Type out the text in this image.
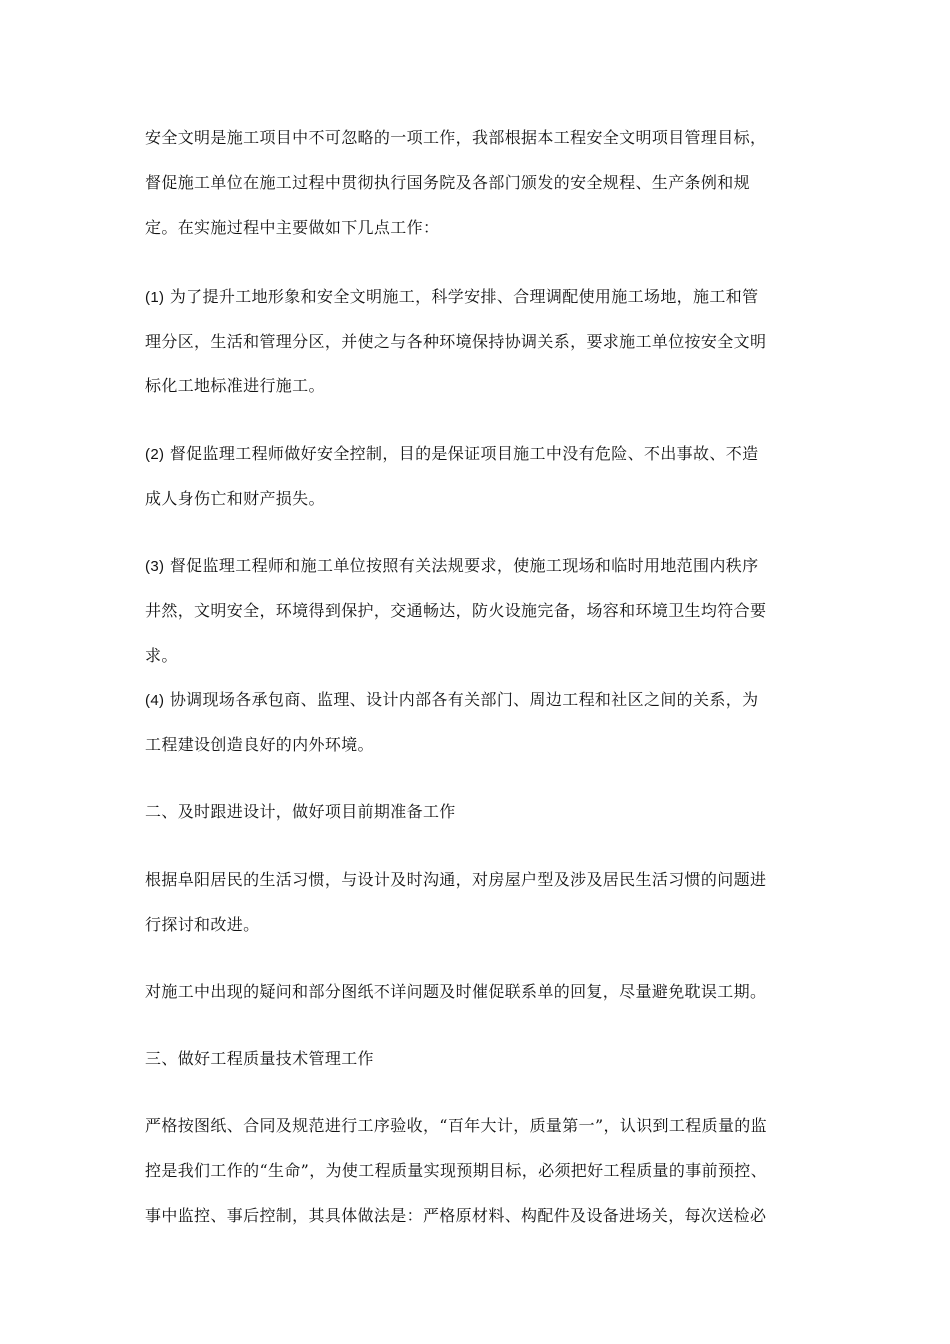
安全文明是施工项目中不可忽略的一项工作，我部根据本工程安全文明项目管理目标，
督促施工单位在施工过程中贯彻执行国务院及各部门颁发的安全规程、生产条例和规
定。在实施过程中主要做如下几点工作：
(1) 为了提升工地形象和安全文明施工，科学安排、合理调配使用施工场地，施工和管
理分区，生活和管理分区，并使之与各种环境保持协调关系，要求施工单位按安全文明
标化工地标准进行施工。
(2) 督促监理工程师做好安全控制，目的是保证项目施工中没有危险、不出事故、不造
成人身伤亡和财产损失。
(3) 督促监理工程师和施工单位按照有关法规要求，使施工现场和临时用地范围内秩序
井然，文明安全，环境得到保护，交通畅达，防火设施完备，场容和环境卫生均符合要
求。
(4) 协调现场各承包商、监理、设计内部各有关部门、周边工程和社区之间的关系，为
工程建设创造良好的内外环境。
二、及时跟进设计，做好项目前期准备工作
根据阜阳居民的生活习惯，与设计及时沟通，对房屋户型及涉及居民生活习惯的问题进
行探讨和改进。
对施工中出现的疑问和部分图纸不详问题及时催促联系单的回复，尽量避免耽误工期。
三、做好工程质量技术管理工作
严格按图纸、合同及规范进行工序验收，“百年大计，质量第一”，认识到工程质量的监
控是我们工作的“生命”，为使工程质量实现预期目标，必须把好工程质量的事前预控、
事中监控、事后控制，其具体做法是：严格原材料、构配件及设备进场关，每次送检必
